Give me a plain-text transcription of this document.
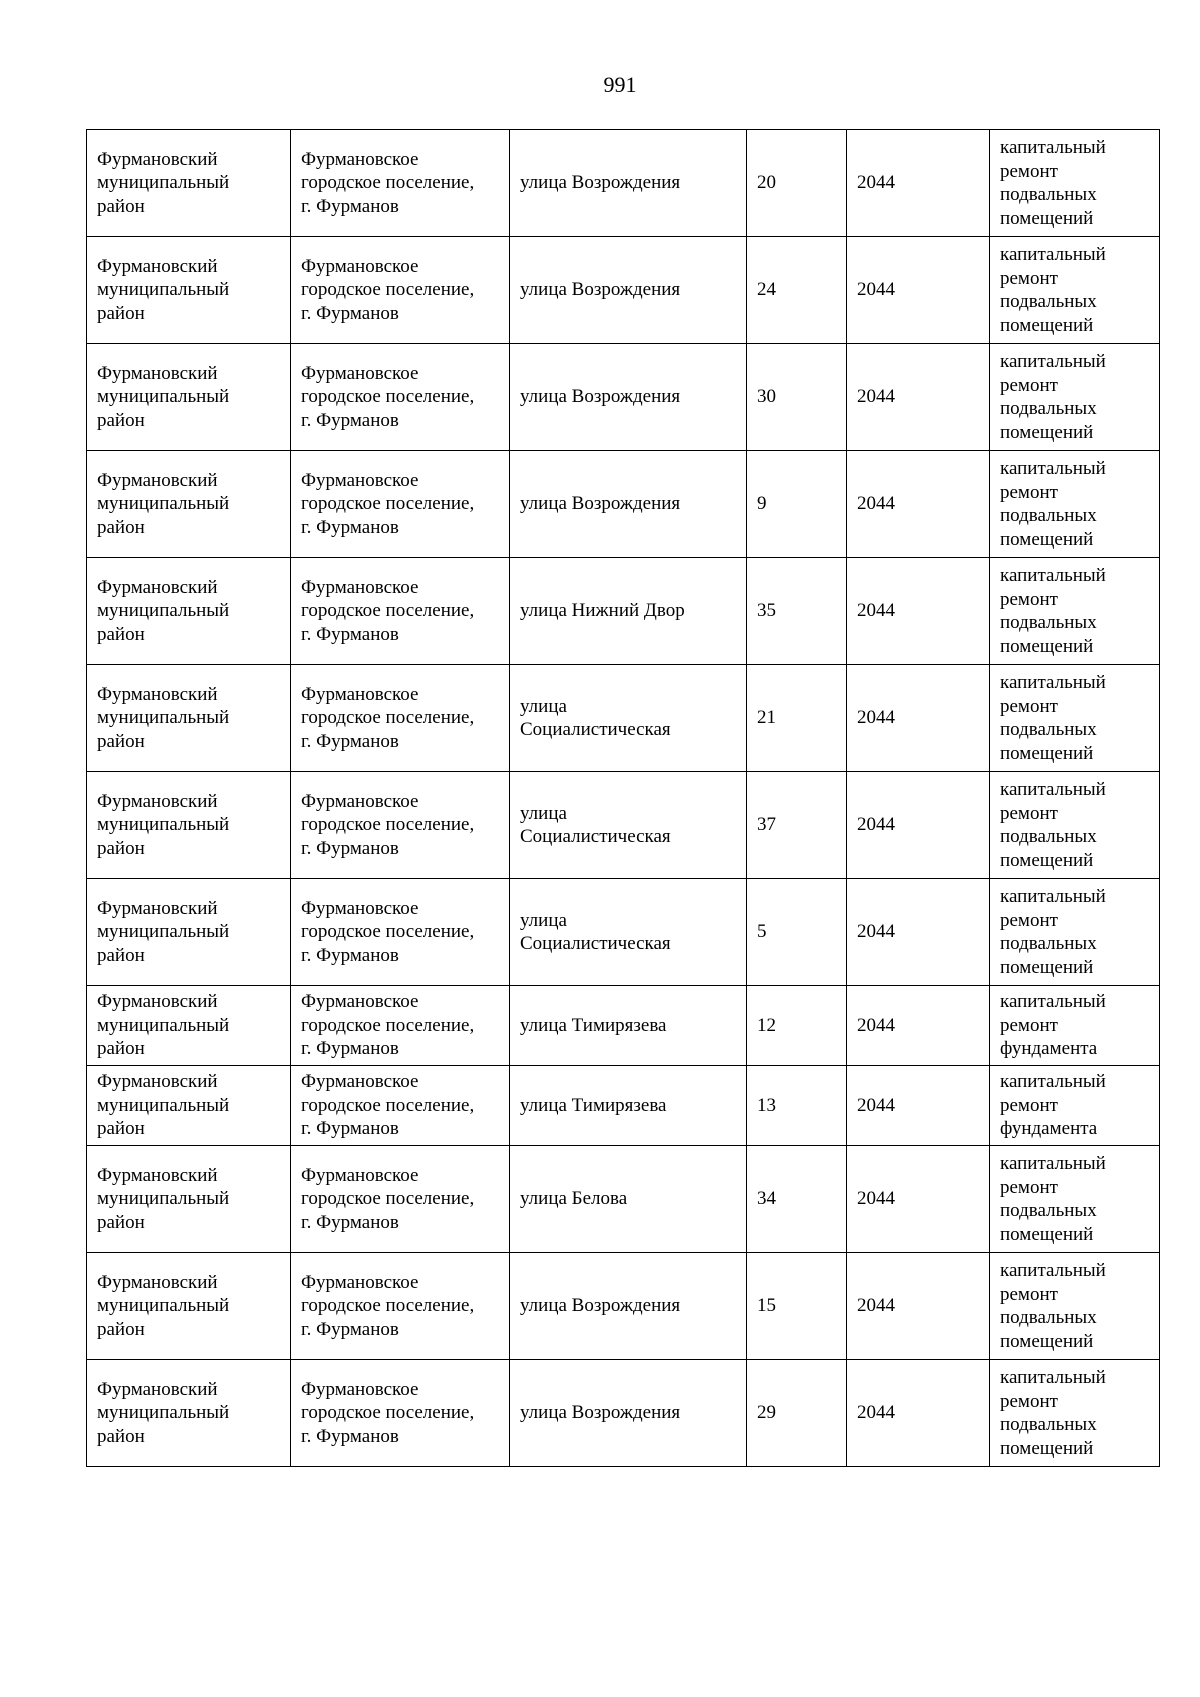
991
Фурмановский
муниципальный
район	Фурмановское
городское поселение,
г. Фурманов	улица Возрождения	20	2044	капитальный
ремонт
подвальных
помещений
Фурмановский
муниципальный
район	Фурмановское
городское поселение,
г. Фурманов	улица Возрождения	24	2044	капитальный
ремонт
подвальных
помещений
Фурмановский
муниципальный
район	Фурмановское
городское поселение,
г. Фурманов	улица Возрождения	30	2044	капитальный
ремонт
подвальных
помещений
Фурмановский
муниципальный
район	Фурмановское
городское поселение,
г. Фурманов	улица Возрождения	9	2044	капитальный
ремонт
подвальных
помещений
Фурмановский
муниципальный
район	Фурмановское
городское поселение,
г. Фурманов	улица Нижний Двор	35	2044	капитальный
ремонт
подвальных
помещений
Фурмановский
муниципальный
район	Фурмановское
городское поселение,
г. Фурманов	улица
Социалистическая	21	2044	капитальный
ремонт
подвальных
помещений
Фурмановский
муниципальный
район	Фурмановское
городское поселение,
г. Фурманов	улица
Социалистическая	37	2044	капитальный
ремонт
подвальных
помещений
Фурмановский
муниципальный
район	Фурмановское
городское поселение,
г. Фурманов	улица
Социалистическая	5	2044	капитальный
ремонт
подвальных
помещений
Фурмановский
муниципальный
район	Фурмановское
городское поселение,
г. Фурманов	улица Тимирязева	12	2044	капитальный
ремонт
фундамента
Фурмановский
муниципальный
район	Фурмановское
городское поселение,
г. Фурманов	улица Тимирязева	13	2044	капитальный
ремонт
фундамента
Фурмановский
муниципальный
район	Фурмановское
городское поселение,
г. Фурманов	улица Белова	34	2044	капитальный
ремонт
подвальных
помещений
Фурмановский
муниципальный
район	Фурмановское
городское поселение,
г. Фурманов	улица Возрождения	15	2044	капитальный
ремонт
подвальных
помещений
Фурмановский
муниципальный
район	Фурмановское
городское поселение,
г. Фурманов	улица Возрождения	29	2044	капитальный
ремонт
подвальных
помещений
